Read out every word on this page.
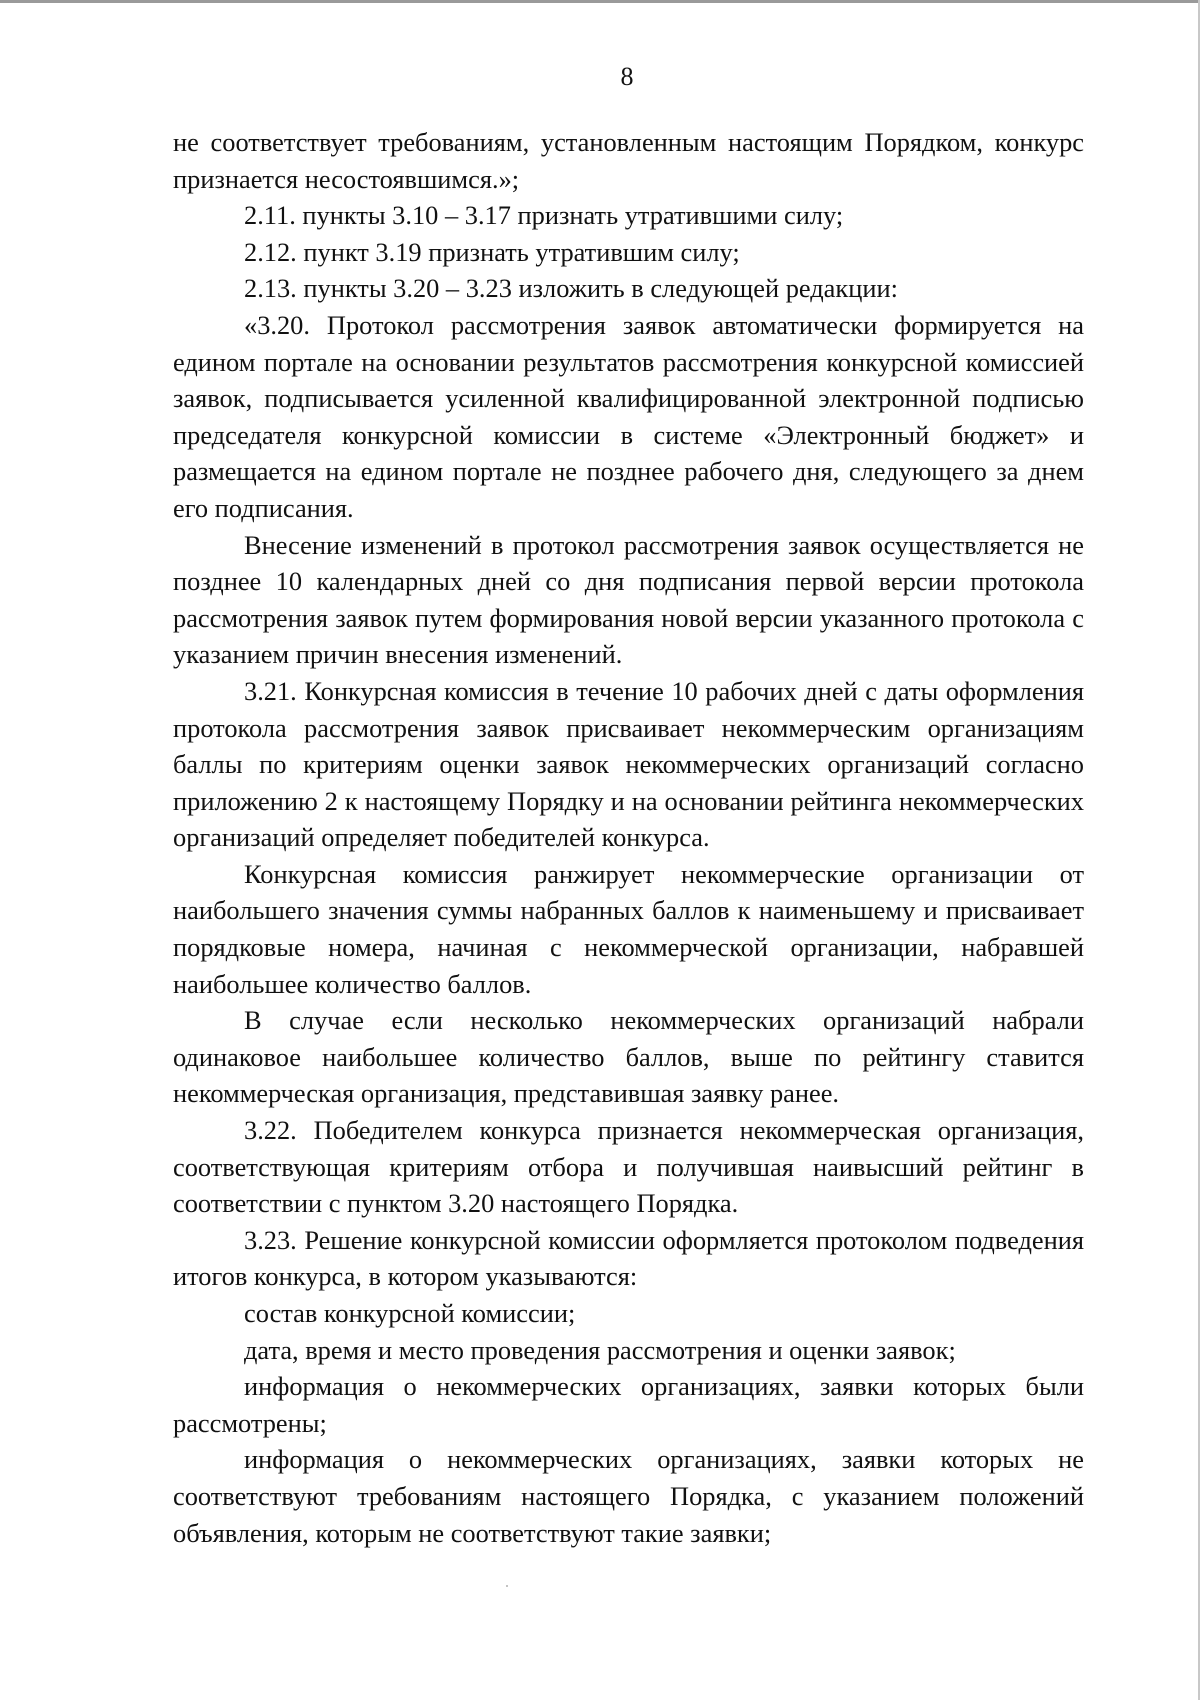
8

не соответствует требованиям, установленным настоящим Порядком, конкурс признается несостоявшимся.»;

2.11. пункты 3.10 – 3.17 признать утратившими силу;

2.12. пункт 3.19 признать утратившим силу;

2.13. пункты 3.20 – 3.23 изложить в следующей редакции:

«3.20. Протокол рассмотрения заявок автоматически формируется на едином портале на основании результатов рассмотрения конкурсной комиссией заявок, подписывается усиленной квалифицированной электронной подписью председателя конкурсной комиссии в системе «Электронный бюджет» и размещается на едином портале не позднее рабочего дня, следующего за днем его подписания.

Внесение изменений в протокол рассмотрения заявок осуществляется не позднее 10 календарных дней со дня подписания первой версии протокола рассмотрения заявок путем формирования новой версии указанного протокола с указанием причин внесения изменений.

3.21. Конкурсная комиссия в течение 10 рабочих дней с даты оформления протокола рассмотрения заявок присваивает некоммерческим организациям баллы по критериям оценки заявок некоммерческих организаций согласно приложению 2 к настоящему Порядку и на основании рейтинга некоммерческих организаций определяет победителей конкурса.

Конкурсная комиссия ранжирует некоммерческие организации от наибольшего значения суммы набранных баллов к наименьшему и присваивает порядковые номера, начиная с некоммерческой организации, набравшей наибольшее количество баллов.

В случае если несколько некоммерческих организаций набрали одинаковое наибольшее количество баллов, выше по рейтингу ставится некоммерческая организация, представившая заявку ранее.

3.22. Победителем конкурса признается некоммерческая организация, соответствующая критериям отбора и получившая наивысший рейтинг в соответствии с пунктом 3.20 настоящего Порядка.

3.23. Решение конкурсной комиссии оформляется протоколом подведения итогов конкурса, в котором указываются:

состав конкурсной комиссии;

дата, время и место проведения рассмотрения и оценки заявок;

информация о некоммерческих организациях, заявки которых были рассмотрены;

информация о некоммерческих организациях, заявки которых не соответствуют требованиям настоящего Порядка, с указанием положений объявления, которым не соответствуют такие заявки;
